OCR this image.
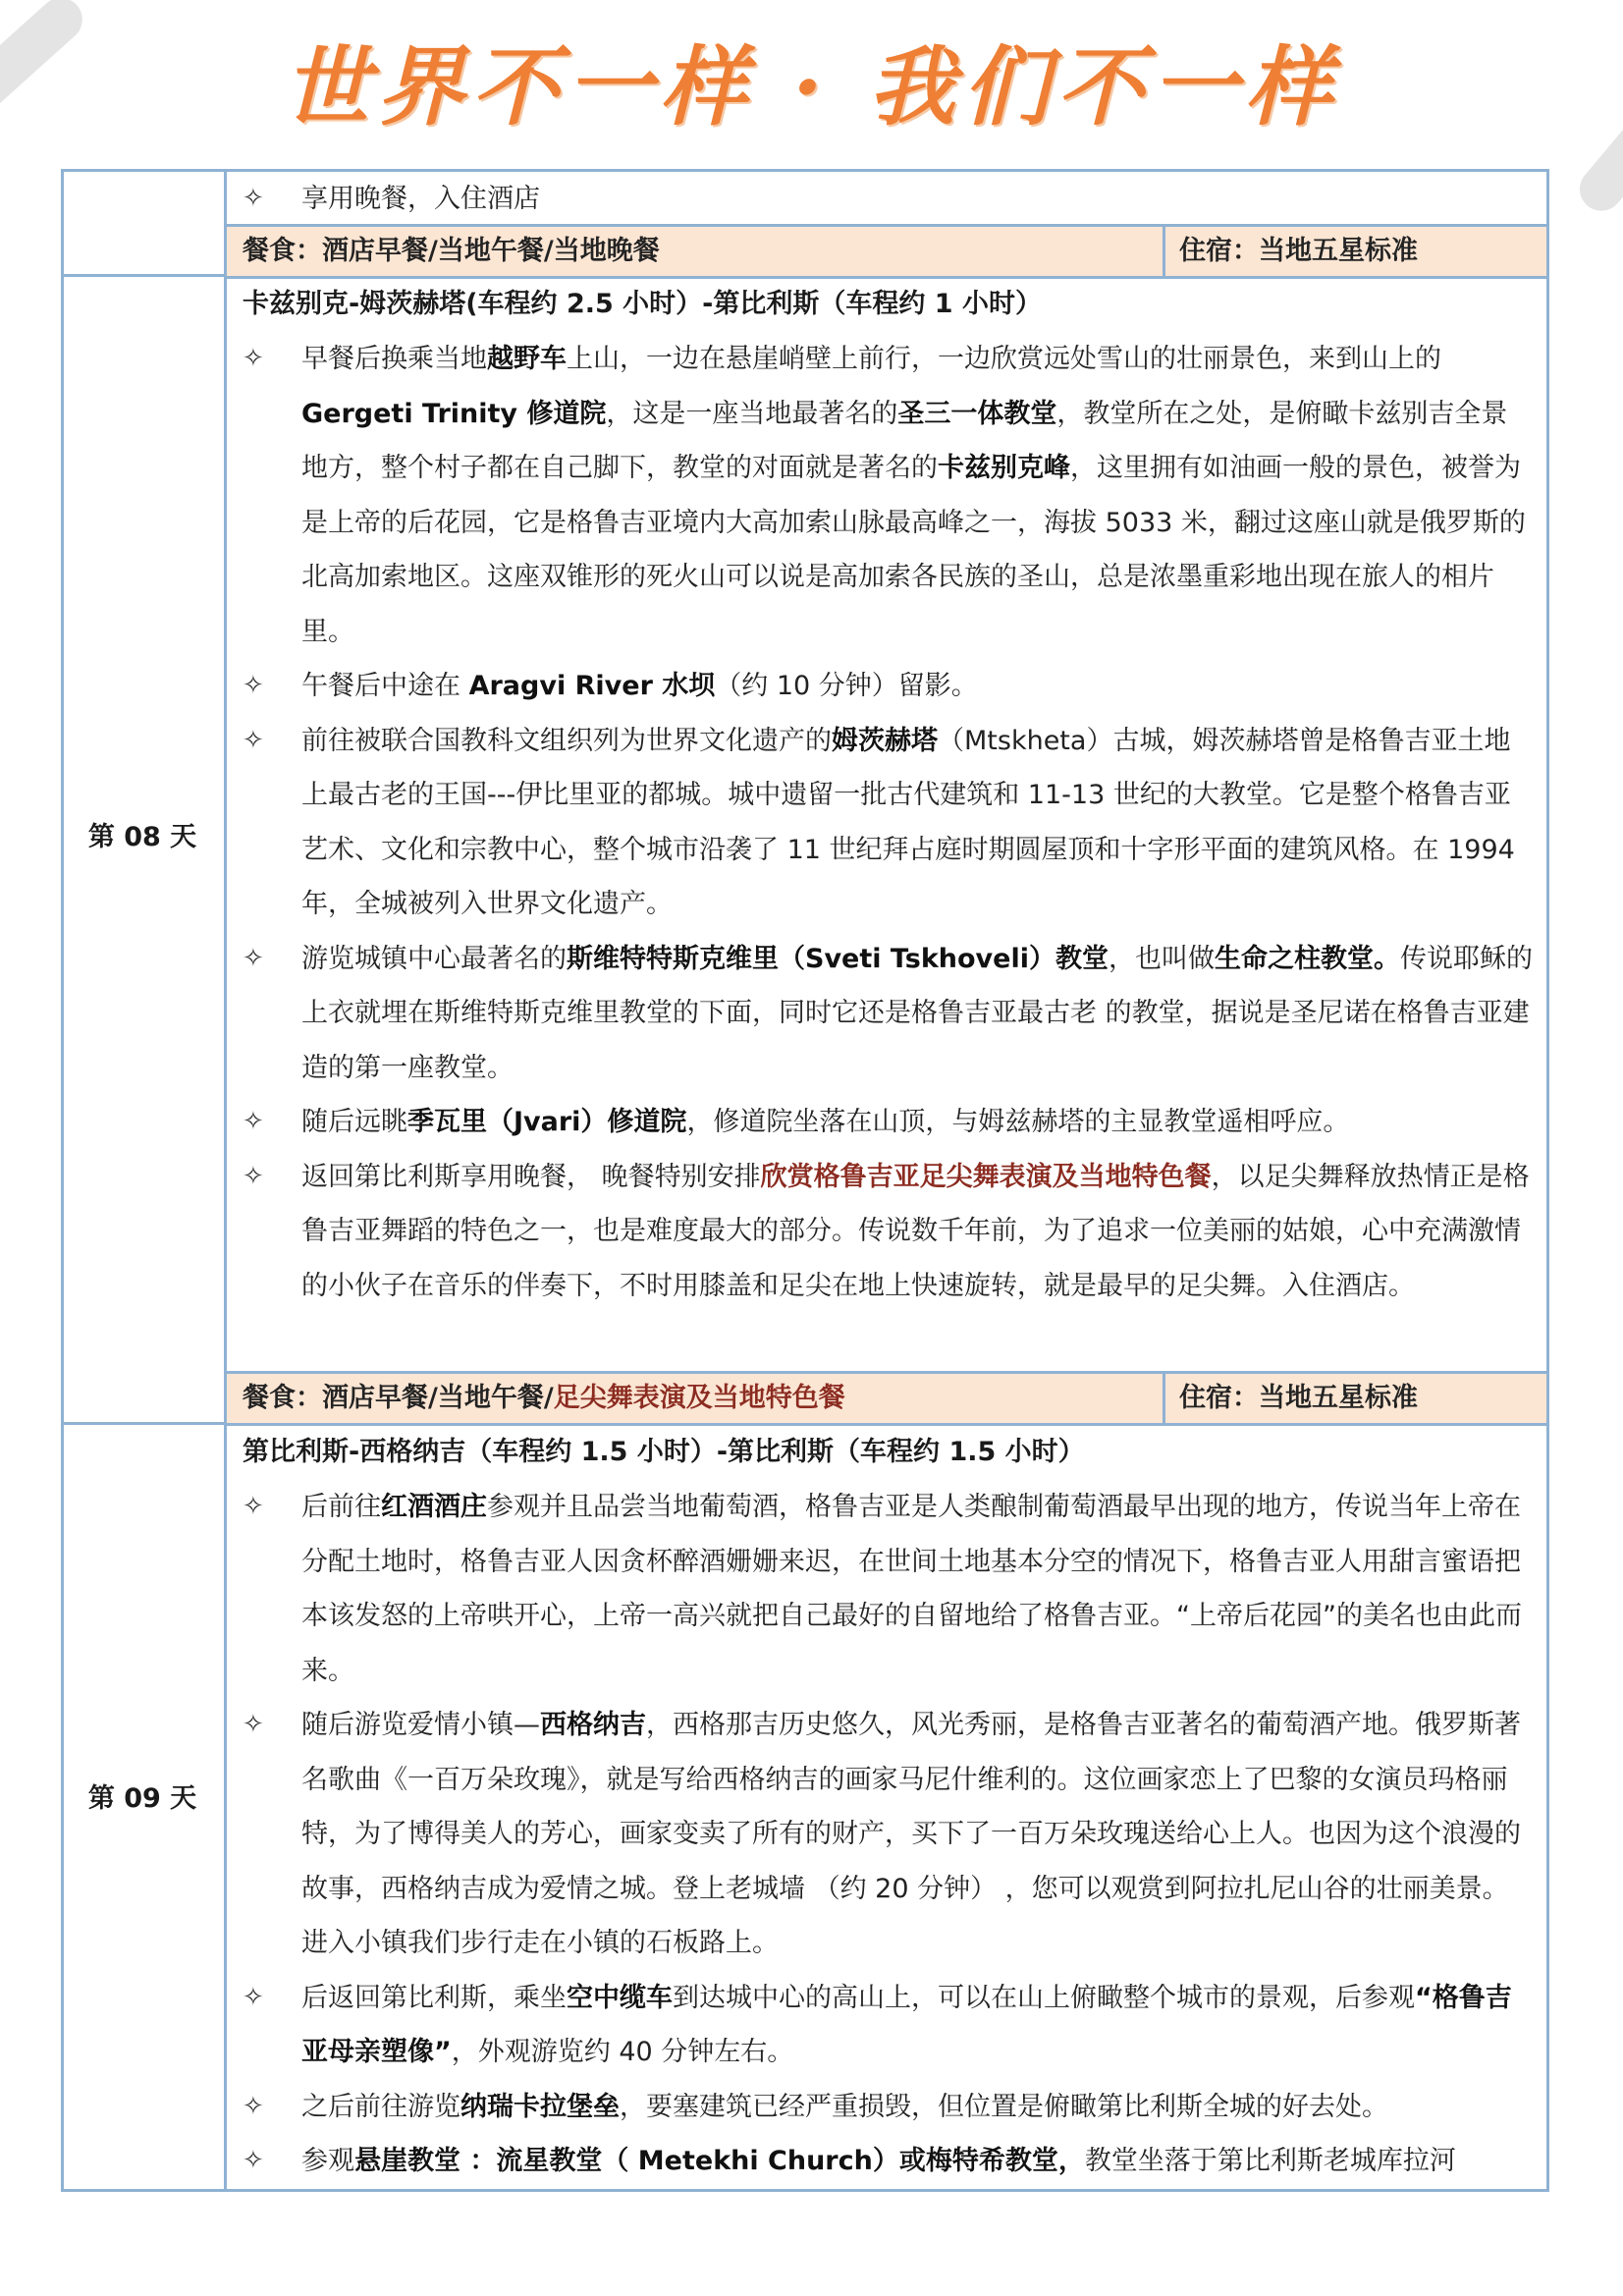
世界不一样 · 我们不一样
✧ 享用晚餐，入住酒店
餐食：酒店早餐/当地午餐/当地晚餐	住宿：当地五星标准
第 08 天
卡兹别克-姆茨赫塔(车程约 2.5 小时）-第比利斯（车程约 1 小时）
✧ 早餐后换乘当地越野车上山，一边在悬崖峭壁上前行，一边欣赏远处雪山的壮丽景色，来到山上的Gergeti Trinity 修道院，这是一座当地最著名的圣三一体教堂，教堂所在之处，是俯瞰卡兹别吉全景地方，整个村子都在自己脚下，教堂的对面就是著名的卡兹别克峰，这里拥有如油画一般的景色，被誉为是上帝的后花园，它是格鲁吉亚境内大高加索山脉最高峰之一，海拔 5033 米，翻过这座山就是俄罗斯的北高加索地区。这座双锥形的死火山可以说是高加索各民族的圣山，总是浓墨重彩地出现在旅人的相片里。
✧ 午餐后中途在 Aragvi River 水坝（约 10 分钟）留影。
✧ 前往被联合国教科文组织列为世界文化遗产的姆茨赫塔（Mtskheta）古城，姆茨赫塔曾是格鲁吉亚土地上最古老的王国---伊比里亚的都城。城中遗留一批古代建筑和 11-13 世纪的大教堂。它是整个格鲁吉亚艺术、文化和宗教中心，整个城市沿袭了 11 世纪拜占庭时期圆屋顶和十字形平面的建筑风格。在 1994 年，全城被列入世界文化遗产。
✧ 游览城镇中心最著名的斯维特特斯克维里（Sveti Tskhoveli）教堂，也叫做生命之柱教堂。传说耶稣的上衣就埋在斯维特斯克维里教堂的下面，同时它还是格鲁吉亚最古老 的教堂，据说是圣尼诺在格鲁吉亚建造的第一座教堂。
✧ 随后远眺季瓦里（Jvari）修道院，修道院坐落在山顶，与姆兹赫塔的主显教堂遥相呼应。
✧ 返回第比利斯享用晚餐， 晚餐特别安排欣赏格鲁吉亚足尖舞表演及当地特色餐，以足尖舞释放热情正是格鲁吉亚舞蹈的特色之一，也是难度最大的部分。传说数千年前，为了追求一位美丽的姑娘，心中充满激情的小伙子在音乐的伴奏下，不时用膝盖和足尖在地上快速旋转，就是最早的足尖舞。入住酒店。
餐食：酒店早餐/当地午餐/足尖舞表演及当地特色餐	住宿：当地五星标准
第 09 天
第比利斯-西格纳吉（车程约 1.5 小时）-第比利斯（车程约 1.5 小时）
✧ 后前往红酒酒庄参观并且品尝当地葡萄酒，格鲁吉亚是人类酿制葡萄酒最早出现的地方，传说当年上帝在分配土地时，格鲁吉亚人因贪杯醉酒姗姗来迟，在世间土地基本分空的情况下，格鲁吉亚人用甜言蜜语把本该发怒的上帝哄开心，上帝一高兴就把自己最好的自留地给了格鲁吉亚。“上帝后花园”的美名也由此而来。
✧ 随后游览爱情小镇—西格纳吉，西格那吉历史悠久，风光秀丽，是格鲁吉亚著名的葡萄酒产地。俄罗斯著名歌曲《一百万朵玫瑰》，就是写给西格纳吉的画家马尼什维利的。这位画家恋上了巴黎的女演员玛格丽特，为了博得美人的芳心，画家变卖了所有的财产，买下了一百万朵玫瑰送给心上人。也因为这个浪漫的故事，西格纳吉成为爱情之城。登上老城墙 （约 20 分钟） ，您可以观赏到阿拉扎尼山谷的壮丽美景。进入小镇我们步行走在小镇的石板路上。
✧ 后返回第比利斯，乘坐空中缆车到达城中心的高山上，可以在山上俯瞰整个城市的景观，后参观“格鲁吉亚母亲塑像”，外观游览约 40 分钟左右。
✧ 之后前往游览纳瑞卡拉堡垒，要塞建筑已经严重损毁，但位置是俯瞰第比利斯全城的好去处。
✧ 参观悬崖教堂 ：流星教堂（ Metekhi Church）或梅特希教堂，教堂坐落于第比利斯老城库拉河
